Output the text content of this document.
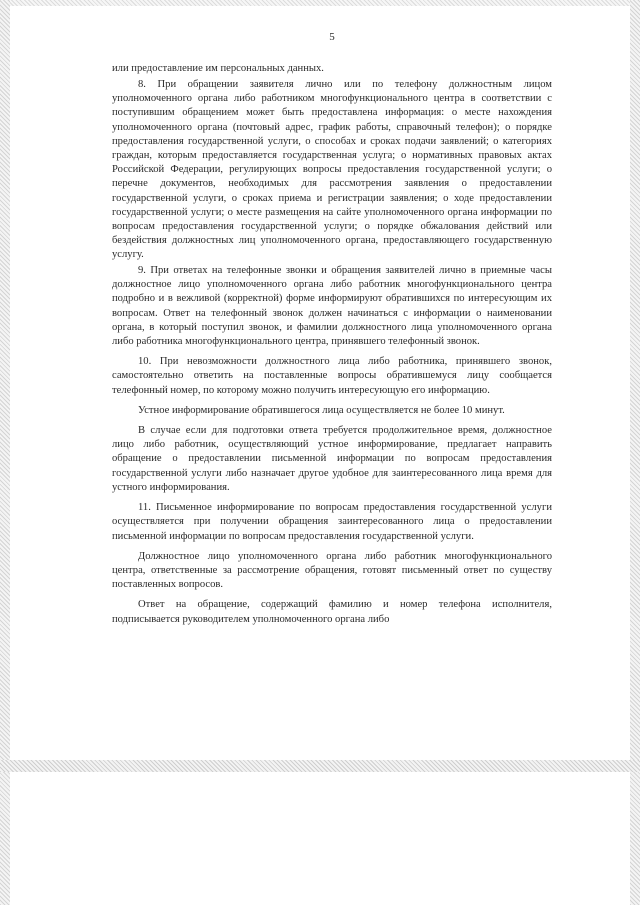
5

или предоставление им персональных данных.

8. При обращении заявителя лично или по телефону должностным лицом уполномоченного органа либо работником многофункционального центра в соответствии с поступившим обращением может быть предоставлена информация: о месте нахождения уполномоченного органа (почтовый адрес, график работы, справочный телефон); о порядке предоставления государственной услуги, о способах и сроках подачи заявлений; о категориях граждан, которым предоставляется государственная услуга; о нормативных правовых актах Российской Федерации, регулирующих вопросы предоставления государственной услуги; о перечне документов, необходимых для рассмотрения заявления о предоставлении государственной услуги, о сроках приема и регистрации заявления; о ходе предоставлении государственной услуги; о месте размещения на сайте уполномоченного органа информации по вопросам предоставления государственной услуги; о порядке обжалования действий или бездействия должностных лиц уполномоченного органа, предоставляющего государственную услугу.

9. При ответах на телефонные звонки и обращения заявителей лично в приемные часы должностное лицо уполномоченного органа либо работник многофункционального центра подробно и в вежливой (корректной) форме информируют обратившихся по интересующим их вопросам. Ответ на телефонный звонок должен начинаться с информации о наименовании органа, в который поступил звонок, и фамилии должностного лица уполномоченного органа либо работника многофункционального центра, принявшего телефонный звонок.

10. При невозможности должностного лица либо работника, принявшего звонок, самостоятельно ответить на поставленные вопросы обратившемуся лицу сообщается телефонный номер, по которому можно получить интересующую его информацию.

Устное информирование обратившегося лица осуществляется не более 10 минут.

В случае если для подготовки ответа требуется продолжительное время, должностное лицо либо работник, осуществляющий устное информирование, предлагает направить обращение о предоставлении письменной информации по вопросам предоставления государственной услуги либо назначает другое удобное для заинтересованного лица время для устного информирования.

11. Письменное информирование по вопросам предоставления государственной услуги осуществляется при получении обращения заинтересованного лица о предоставлении письменной информации по вопросам предоставления государственной услуги.

Должностное лицо уполномоченного органа либо работник многофункционального центра, ответственные за рассмотрение обращения, готовят письменный ответ по существу поставленных вопросов.

Ответ на обращение, содержащий фамилию и номер телефона исполнителя, подписывается руководителем уполномоченного органа либо
